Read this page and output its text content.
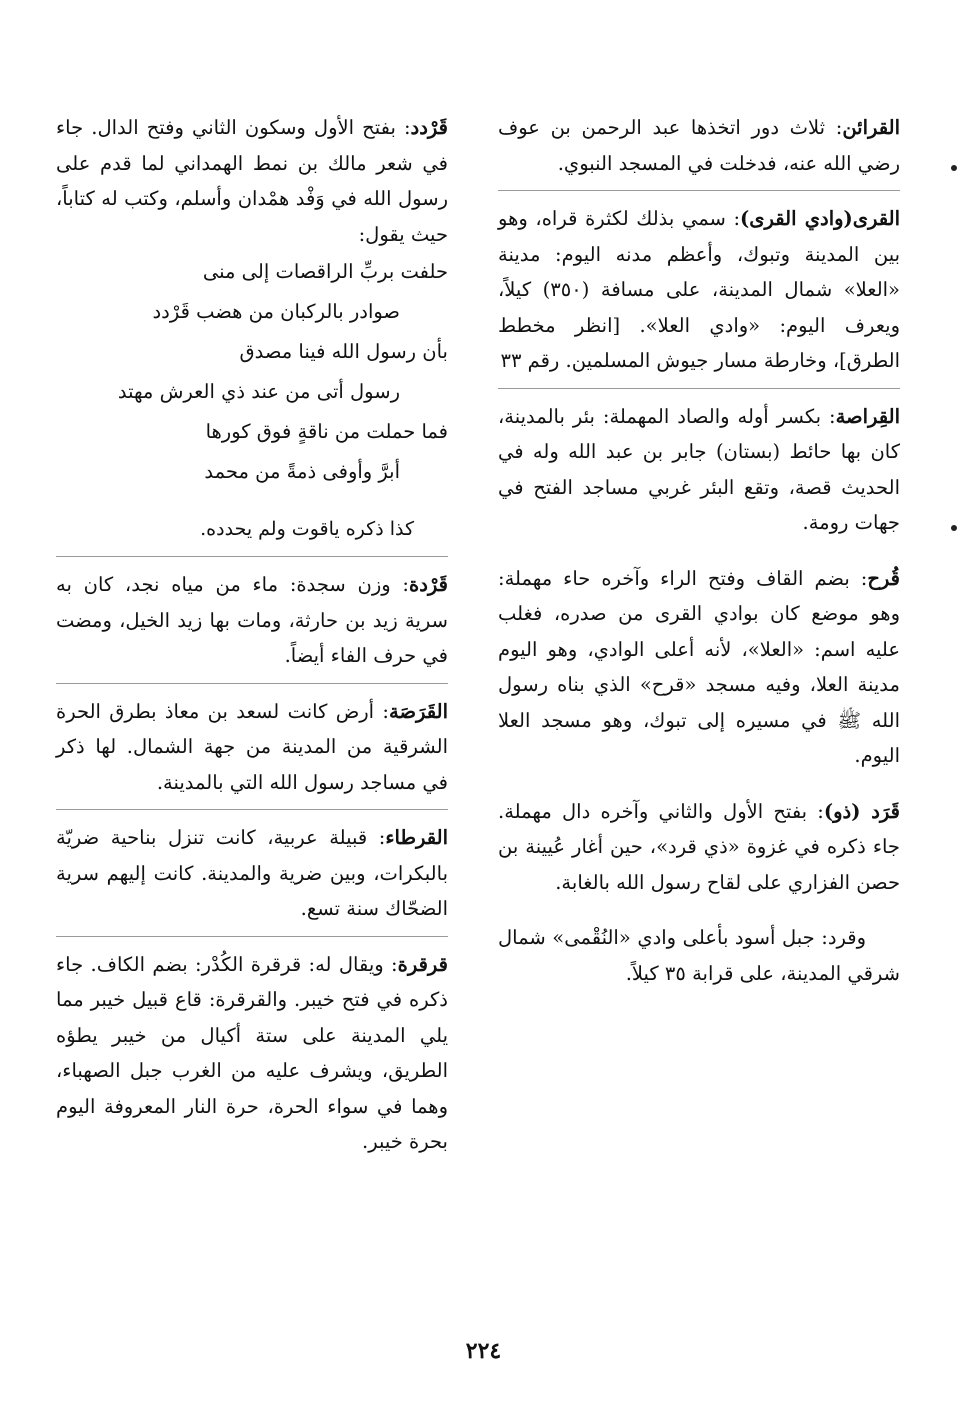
القرائن: ثلاث دور اتخذها عبد الرحمن بن عوف رضي الله عنه، فدخلت في المسجد النبوي.

القرى(وادي القرى): سمي بذلك لكثرة قراه، وهو بين المدينة وتبوك، وأعظم مدنه اليوم: مدينة «العلا» شمال المدينة، على مسافة (٣٥٠) كيلاً، ويعرف اليوم: «وادي العلا». [انظر مخطط الطرق]، وخارطة مسار جيوش المسلمين. رقم ٣٣

القِراصة: بكسر أوله والصاد المهملة: بئر بالمدينة، كان بها حائط (بستان) جابر بن عبد الله وله في الحديث قصة، وتقع البئر غربي مساجد الفتح في جهات رومة.

قُرح: بضم القاف وفتح الراء وآخره حاء مهملة: وهو موضع كان بوادي القرى من صدره، فغلب عليه اسم: «العلا»، لأنه أعلى الوادي، وهو اليوم مدينة العلا، وفيه مسجد «قرح» الذي بناه رسول الله ﷺ في مسيره إلى تبوك، وهو مسجد العلا اليوم.

قَرَد (ذو): بفتح الأول والثاني وآخره دال مهملة. جاء ذكره في غزوة «ذي قرد»، حين أغار عُيينة بن حصن الفزاري على لقاح رسول الله بالغابة.

وقرد: جبل أسود بأعلى وادي «النُقْمى» شمال شرقي المدينة، على قرابة ٣٥ كيلاً.

قَرْدد: بفتح الأول وسكون الثاني وفتح الدال. جاء في شعر مالك بن نمط الهمداني لما قدم على رسول الله في وَفْد همْدان وأسلم، وكتب له كتاباً، حيث يقول:

حلفت بربِّ الراقصات إلى منى
صوادر بالركبان من هضب قَرْدد
بأن رسول الله فينا مصدق
رسول أتى من عند ذي العرش مهتد
فما حملت من ناقةٍ فوق كورها
أبرَّ وأوفى ذمةً من محمد

كذا ذكره ياقوت ولم يحدده.

قَرْدة: وزن سجدة: ماء من مياه نجد، كان به سرية زيد بن حارثة، ومات بها زيد الخيل، ومضت في حرف الفاء أيضاً.

القَرَصَة: أرض كانت لسعد بن معاذ بطرق الحرة الشرقية من المدينة من جهة الشمال. لها ذكر في مساجد رسول الله التي بالمدينة.

القرطاء: قبيلة عربية، كانت تنزل بناحية ضريّة بالبكرات، وبين ضرية والمدينة. كانت إليهم سرية الضحّاك سنة تسع.

قرقرة: ويقال له: قرقرة الكُدْر: بضم الكاف. جاء ذكره في فتح خيبر. والقرقرة: قاع قبيل خيبر مما يلي المدينة على ستة أكيال من خيبر يطؤه الطريق، ويشرف عليه من الغرب جبل الصهباء، وهما في سواء الحرة، حرة النار المعروفة اليوم بحرة خيبر.

٢٢٤
